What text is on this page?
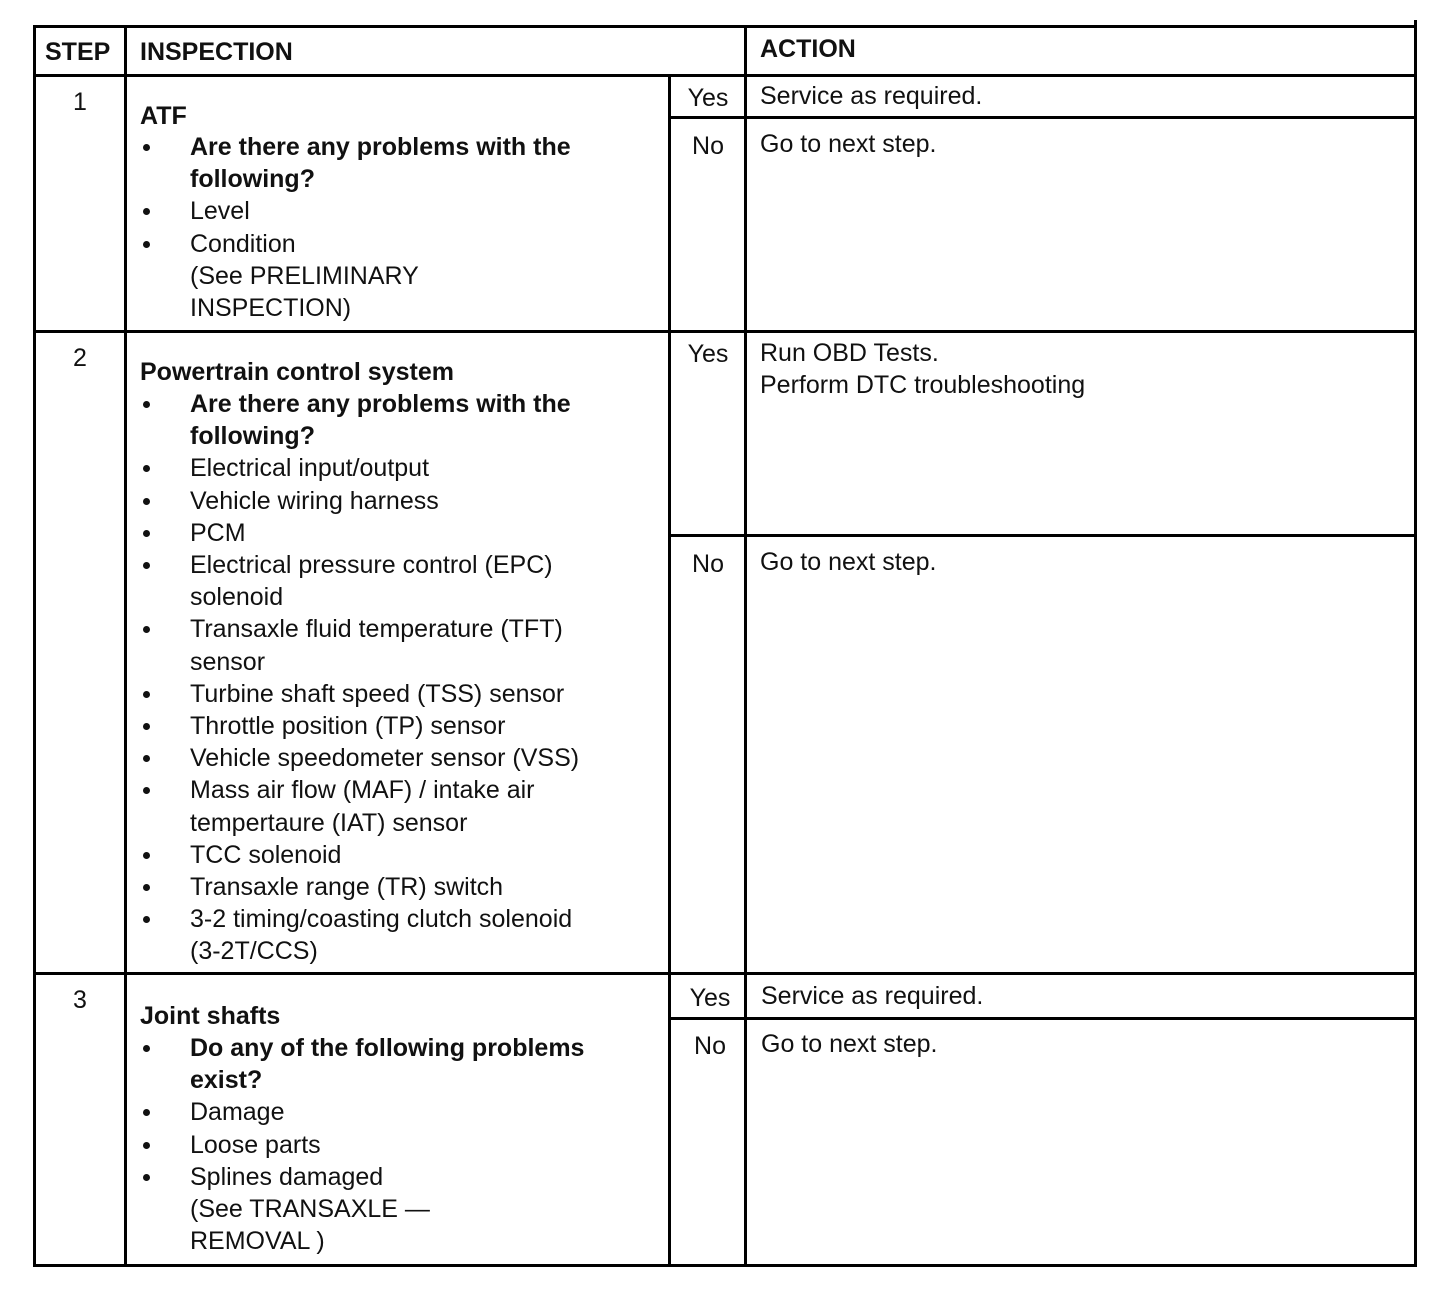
STEP INSPECTION	ACTION
1	ATF
Are there any problems with the
following?
Level
Condition
(See PRELIMINARY
INSPECTION)
Yes	Service as required.
No	Go to next step.
2	Powertrain control system
Are there any problems with the
following?
Electrical input/output
Vehicle wiring harness
PCM
Electrical pressure control (EPC)
solenoid
Transaxle fluid temperature (TFT)
sensor
Turbine shaft speed (TSS) sensor
Throttle position (TP) sensor
Vehicle speedometer sensor (VSS)
Mass air flow (MAF) / intake air
tempertaure (IAT) sensor
TCC solenoid
Transaxle range (TR) switch
3-2 timing/coasting clutch solenoid
(3-2T/CCS)
Yes	Run OBD Tests.
Perform DTC troubleshooting
No	Go to next step.
3
Joint shafts
Do any of the following problems
exist?
Damage
Loose parts
Splines damaged
(See TRANSAXLE —
REMOVAL )
Yes	Service as required.
No	Go to next step.
